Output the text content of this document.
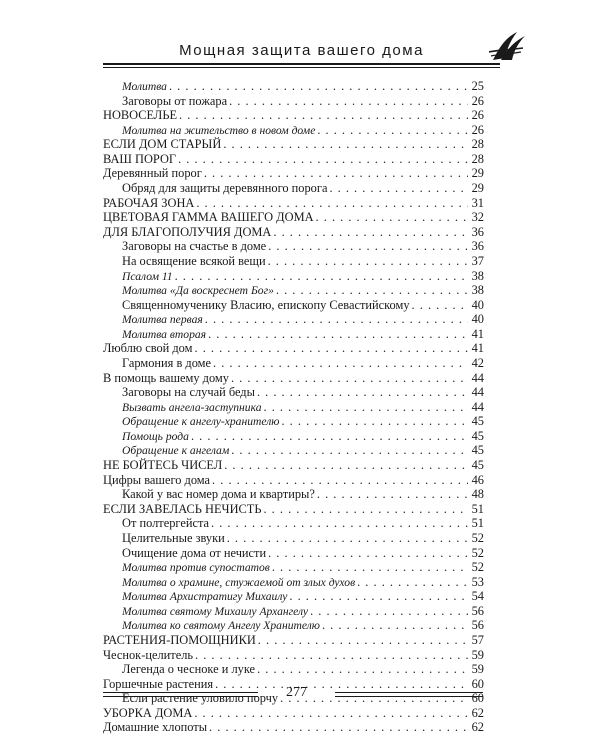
Мощная защита вашего дома
Молитва . . .	25
Заговоры от пожара . . .	26
НОВОСЕЛЬЕ . . .	26
Молитва на жительство в новом доме . . .	26
ЕСЛИ ДОМ СТАРЫЙ . . .	28
ВАШ ПОРОГ . . .	28
Деревянный порог . . .	29
Обряд для защиты деревянного порога . . .	29
РАБОЧАЯ ЗОНА . . .	31
ЦВЕТОВАЯ ГАММА ВАШЕГО ДОМА . . .	32
ДЛЯ БЛАГОПОЛУЧИЯ ДОМА . . .	36
Заговоры на счастье в доме . . .	36
На освящение всякой вещи . . .	37
Псалом 11 . . .	38
Молитва «Да воскреснет Бог» . . .	38
Священномученику Власию, епископу Севастийскому . . .	40
Молитва первая . . .	40
Молитва вторая . . .	41
Люблю свой дом . . .	41
Гармония в доме . . .	42
В помощь вашему дому . . .	44
Заговоры на случай беды . . .	44
Вызвать ангела-заступника . . .	44
Обращение к ангелу-хранителю . . .	45
Помощь рода . . .	45
Обращение к ангелам . . .	45
НЕ БОЙТЕСЬ ЧИСЕЛ . . .	45
Цифры вашего дома . . .	46
Какой у вас номер дома и квартиры? . . .	48
ЕСЛИ ЗАВЕЛАСЬ НЕЧИСТЬ . . .	51
От полтергейста . . .	51
Целительные звуки . . .	52
Очищение дома от нечисти . . .	52
Молитва против супостатов . . .	52
Молитва о храмине, стужаемой от злых духов . . .	53
Молитва Архистратигу Михаилу . . .	54
Молитва святому Михаилу Архангелу . . .	56
Молитва ко святому Ангелу Хранителю . . .	56
РАСТЕНИЯ-ПОМОЩНИКИ . . .	57
Чеснок-целитель . . .	59
Легенда о чесноке и луке . . .	59
Горшечные растения . . .	60
Если растение уловило порчу . . .	60
УБОРКА ДОМА . . .	62
Домашние хлопоты . . .	62
277
